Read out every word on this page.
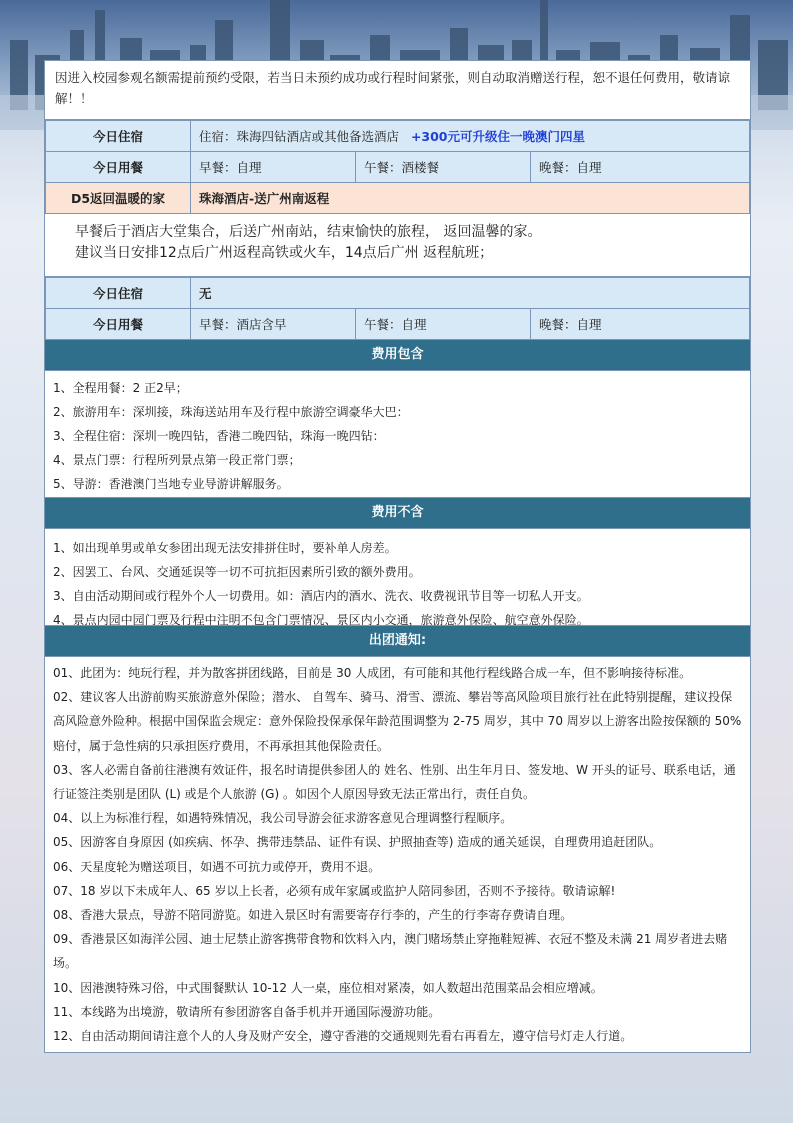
因进入校园参观名额需提前预约受限，若当日未预约成功或行程时间紧张，则自动取消赠送行程，恕不退任何费用，敬请谅解！！
今日住宿	住宿：珠海四钻酒店或其他备选酒店 +300元可升级住一晚澳门四星		
今日用餐	早餐：自理	午餐：酒楼餐	晚餐：自理
D5返回温暖的家	珠海酒店-送广州南返程		
早餐后于酒店大堂集合，后送广州南站，结束愉快的旅程， 返回温馨的家。
建议当日安排12点后广州返程高铁或火车，14点后广州 返程航班；
今日住宿	无		
今日用餐	早餐：酒店含早	午餐：自理	晚餐：自理
费用包含
1、全程用餐：2 正2早；
2、旅游用车：深圳接，珠海送站用车及行程中旅游空调豪华大巴：
3、全程住宿：深圳一晚四钻，香港二晚四钻，珠海一晚四钻：
4、景点门票：行程所列景点第一段正常门票；
5、导游：香港澳门当地专业导游讲解服务。
费用不含
1、如出现单男或单女参团出现无法安排拼住时，要补单人房差。
2、因罢工、台风、交通延误等一切不可抗拒因素所引致的额外费用。
3、自由活动期间或行程外个人一切费用。如：酒店内的酒水、洗衣、收费视讯节目等一切私人开支。
4、景点内园中园门票及行程中注明不包含门票情况、景区内小交通，旅游意外保险、航空意外保险。
出团通知:
01、此团为：纯玩行程，并为散客拼团线路，目前是 30 人成团，有可能和其他行程线路合成一车，但不影响接待标准。
02、建议客人出游前购买旅游意外保险；潜水、 自驾车、骑马、滑雪、漂流、攀岩等高风险项目旅行社在此特别提醒，建议投保高风险意外险种。根据中国保监会规定：意外保险投保承保年龄范围调整为 2-75 周岁，其中 70 周岁以上游客出险按保额的 50%赔付，属于急性病的只承担医疗费用，不再承担其他保险责任。
03、客人必需自备前往港澳有效证件，报名时请提供参团人的 姓名、性别、出生年月日、签发地、W 开头的证号、联系电话，通行证签注类别是团队 (L) 或是个人旅游 (G) 。如因个人原因导致无法正常出行，责任自负。
04、以上为标准行程，如遇特殊情况，我公司导游会征求游客意见合理调整行程顺序。
05、因游客自身原因 (如疾病、怀孕、携带违禁品、证件有误、护照抽查等) 造成的通关延误，自理费用追赶团队。
06、天星度轮为赠送项目，如遇不可抗力或停开，费用不退。
07、18 岁以下未成年人、65 岁以上长者，必须有成年家属或监护人陪同参团，否则不予接待。敬请谅解!
08、香港大景点，导游不陪同游览。如进入景区时有需要寄存行李的，产生的行李寄存费请自理。
09、香港景区如海洋公园、迪士尼禁止游客携带食物和饮料入内，澳门赌场禁止穿拖鞋短裤、衣冠不整及未满 21 周岁者进去赌场。
10、因港澳特殊习俗，中式围餐默认 10-12 人一桌，座位相对紧凑，如人数超出范围菜品会相应增减。
11、本线路为出境游，敬请所有参团游客自备手机并开通国际漫游功能。
12、自由活动期间请注意个人的人身及财产安全，遵守香港的交通规则先看右再看左，遵守信号灯走人行道。
